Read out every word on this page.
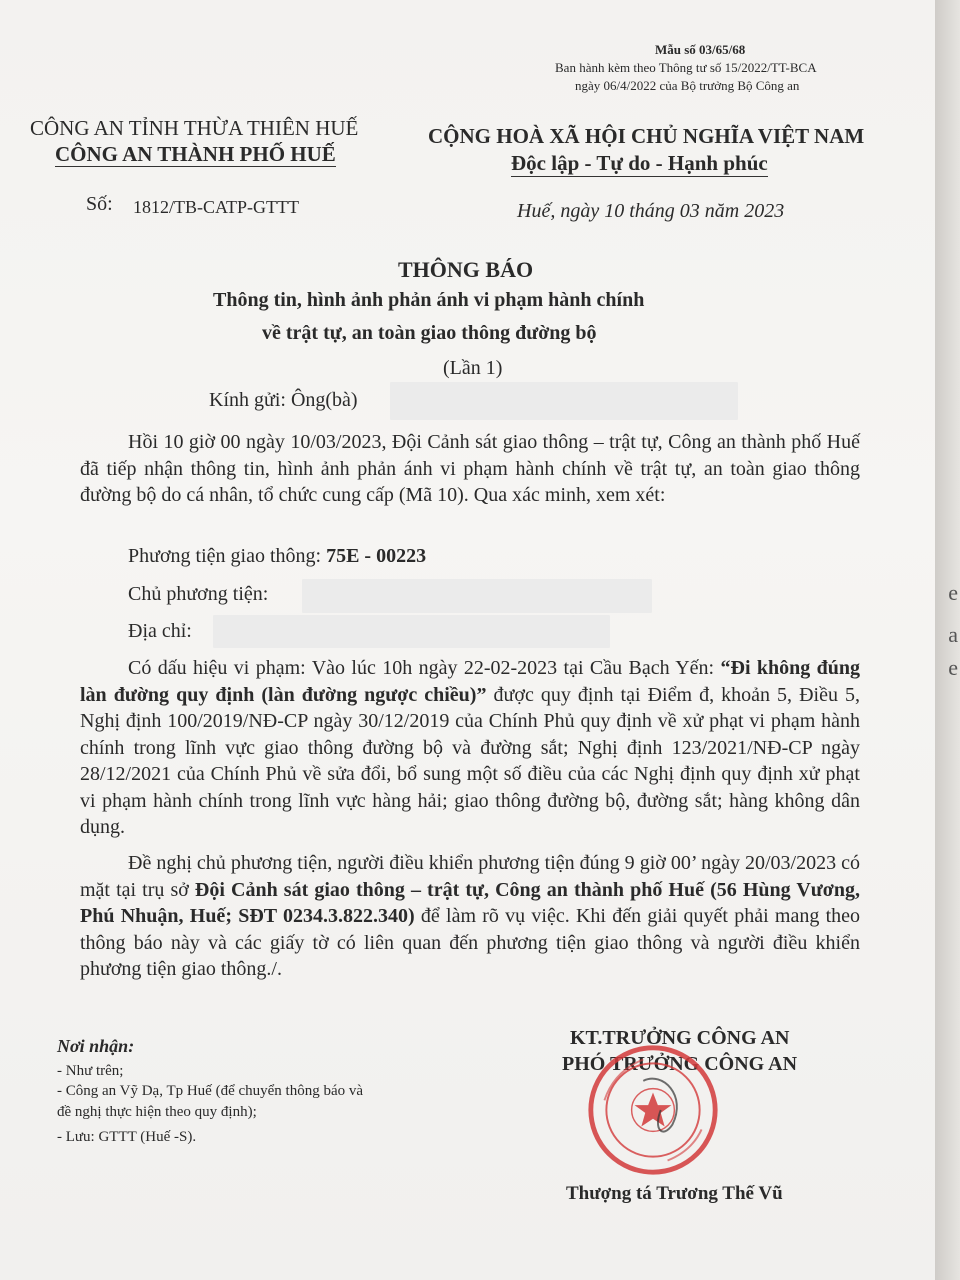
Mẫu số 03/65/68
Ban hành kèm theo Thông tư số 15/2022/TT-BCA
ngày 06/4/2022 của Bộ trưởng Bộ Công an
CÔNG AN TỈNH THỪA THIÊN HUẾ
CÔNG AN THÀNH PHỐ HUẾ
Số: 1812/TB-CATP-GTTT
CỘNG HOÀ XÃ HỘI CHỦ NGHĨA VIỆT NAM
Độc lập - Tự do - Hạnh phúc
Huế, ngày 10 tháng 03 năm 2023
THÔNG BÁO
Thông tin, hình ảnh phản ánh vi phạm hành chính
về trật tự, an toàn giao thông đường bộ
(Lần 1)
Kính gửi: Ông(bà)
Hồi 10 giờ 00 ngày 10/03/2023, Đội Cảnh sát giao thông – trật tự, Công an thành phố Huế đã tiếp nhận thông tin, hình ảnh phản ánh vi phạm hành chính về trật tự, an toàn giao thông đường bộ do cá nhân, tổ chức cung cấp (Mã 10). Qua xác minh, xem xét:
Phương tiện giao thông: 75E - 00223
Chủ phương tiện:
Địa chỉ:
Có dấu hiệu vi phạm: Vào lúc 10h ngày 22-02-2023 tại Cầu Bạch Yến: “Đi không đúng làn đường quy định (làn đường ngược chiều)” được quy định tại Điểm đ, khoản 5, Điều 5, Nghị định 100/2019/NĐ-CP ngày 30/12/2019 của Chính Phủ quy định về xử phạt vi phạm hành chính trong lĩnh vực giao thông đường bộ và đường sắt; Nghị định 123/2021/NĐ-CP ngày 28/12/2021 của Chính Phủ về sửa đổi, bổ sung một số điều của các Nghị định quy định xử phạt vi phạm hành chính trong lĩnh vực hàng hải; giao thông đường bộ, đường sắt; hàng không dân dụng.
Đề nghị chủ phương tiện, người điều khiển phương tiện đúng 9 giờ 00’ ngày 20/03/2023 có mặt tại trụ sở Đội Cảnh sát giao thông – trật tự, Công an thành phố Huế (56 Hùng Vương, Phú Nhuận, Huế; SĐT 0234.3.822.340) để làm rõ vụ việc. Khi đến giải quyết phải mang theo thông báo này và các giấy tờ có liên quan đến phương tiện giao thông và người điều khiển phương tiện giao thông./.
Nơi nhận:
- Như trên;
- Công an Vỹ Dạ, Tp Huế (để chuyển thông báo và
đề nghị thực hiện theo quy định);
- Lưu: GTTT (Huế -S).
KT.TRƯỞNG CÔNG AN
PHÓ TRƯỞNG CÔNG AN
Thượng tá Trương Thế Vũ
e
a
e
